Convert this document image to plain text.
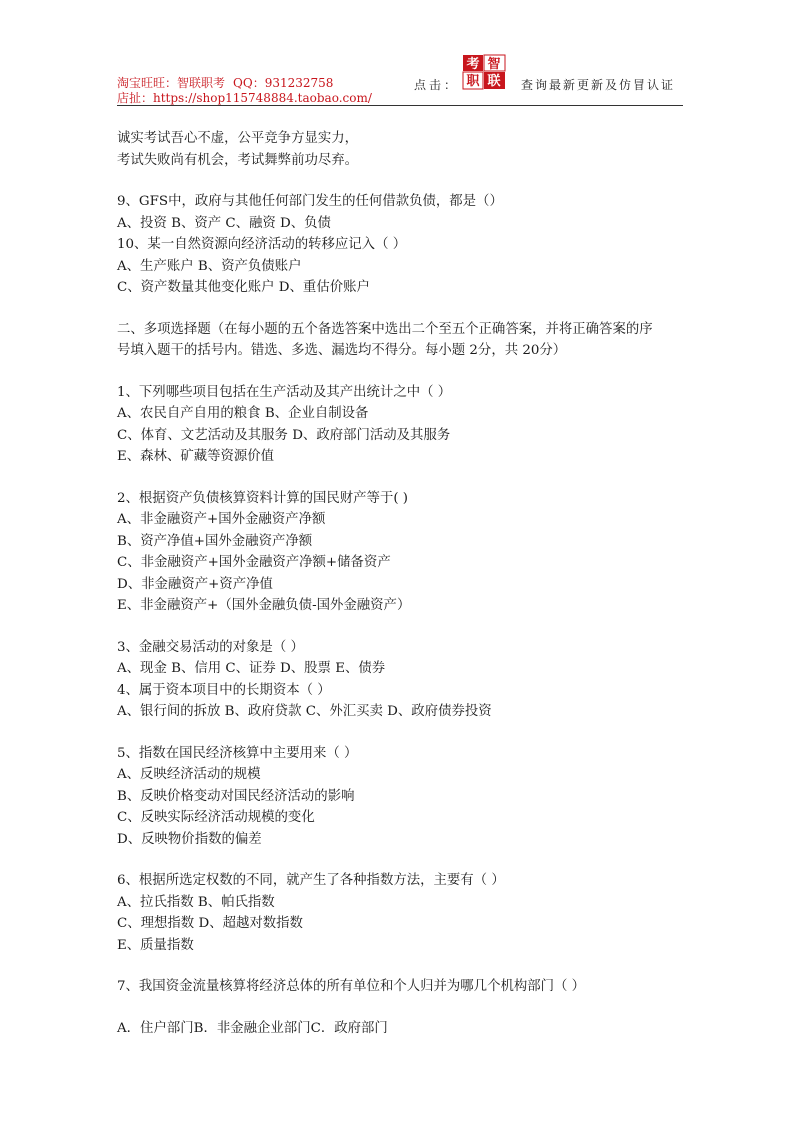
淘宝旺旺：智联职考 QQ：931232758
店扯：https://shop115748884.taobao.com/
点击：
考 智
职 联 查询最新更新及仿冒认证
诚实考试吾心不虚，公平竞争方显实力，
考试失败尚有机会，考试舞弊前功尽弃。
9、GFS中，政府与其他任何部门发生的任何借款负债，都是（）
A、投资 B、资产 C、融资 D、负债
10、某一自然资源向经济活动的转移应记入（ ）
A、生产账户 B、资产负债账户
C、资产数量其他变化账户 D、重估价账户
二、多项选择题（在每小题的五个备选答案中选出二个至五个正确答案，并将正确答案的序
号填入题干的括号内。错选、多选、漏选均不得分。每小题 2分，共 20分）
1、下列哪些项目包括在生产活动及其产出统计之中（ ）
A、农民自产自用的粮食 B、企业自制设备
C、体育、文艺活动及其服务 D、政府部门活动及其服务
E、森林、矿藏等资源价值
2、根据资产负债核算资料计算的国民财产等于( )
A、非金融资产+国外金融资产净额
B、资产净值+国外金融资产净额
C、非金融资产+国外金融资产净额+储备资产
D、非金融资产+资产净值
E、非金融资产+（国外金融负债-国外金融资产）
3、金融交易活动的对象是（ ）
A、现金 B、信用 C、证券 D、股票 E、债券
4、属于资本项目中的长期资本（ ）
A、银行间的拆放 B、政府贷款 C、外汇买卖 D、政府债券投资
5、指数在国民经济核算中主要用来（ ）
A、反映经济活动的规模
B、反映价格变动对国民经济活动的影响
C、反映实际经济活动规模的变化
D、反映物价指数的偏差
6、根据所选定权数的不同，就产生了各种指数方法，主要有（ ）
A、拉氏指数 B、帕氏指数
C、理想指数 D、超越对数指数
E、质量指数
7、我国资金流量核算将经济总体的所有单位和个人归并为哪几个机构部门（ ）
A．住户部门B．非金融企业部门C．政府部门
